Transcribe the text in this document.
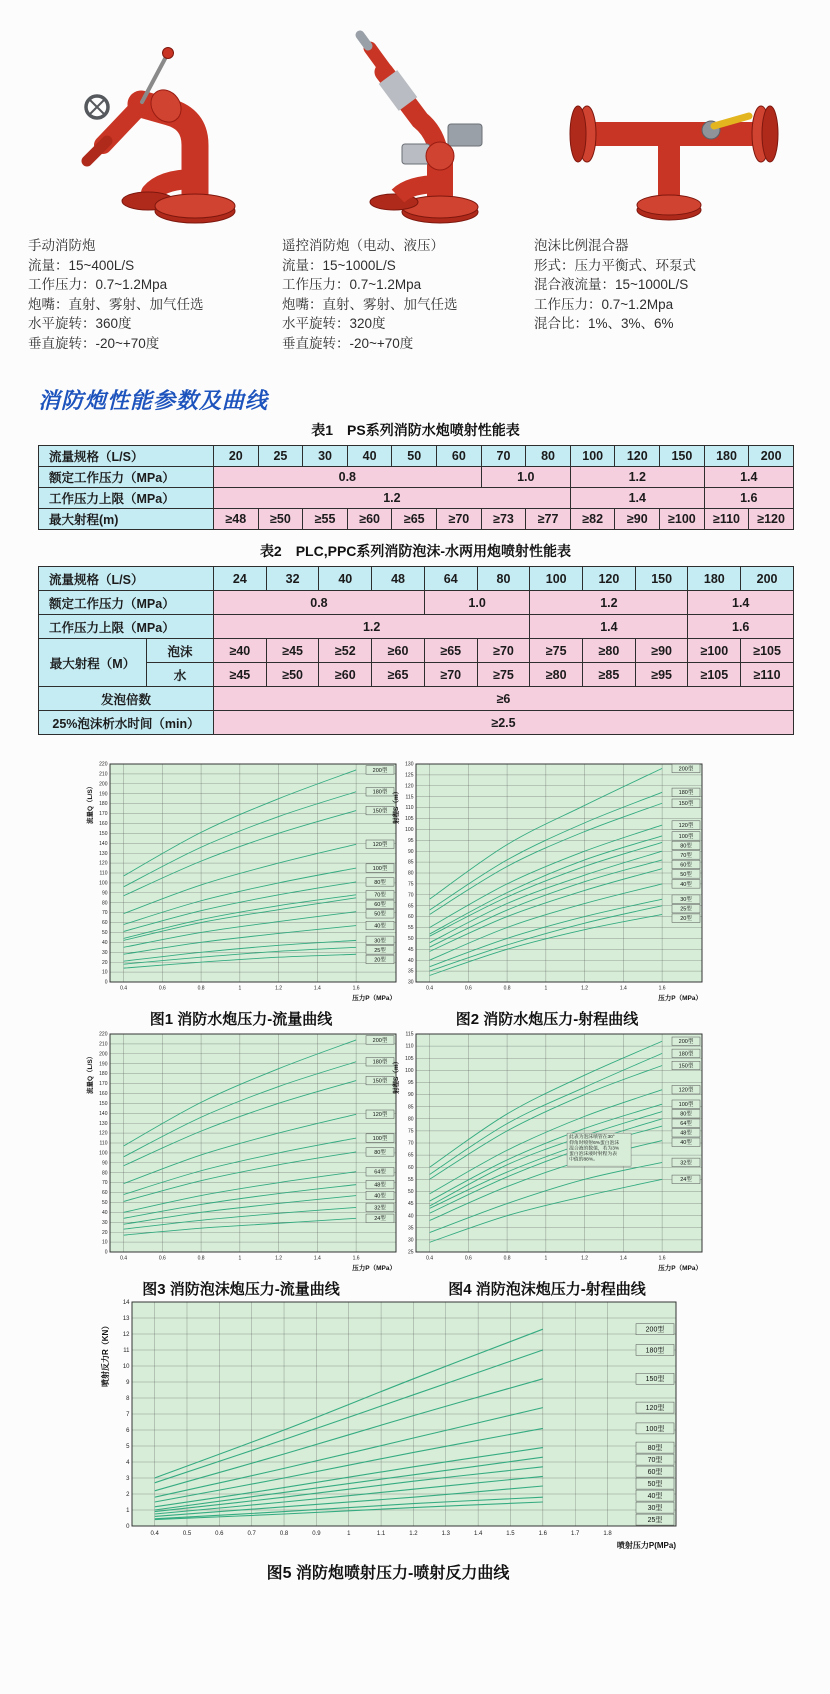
手动消防炮
流量：15~400L/S
工作压力：0.7~1.2Mpa
炮嘴：直射、雾射、加气任选
水平旋转：360度
垂直旋转：-20~+70度
遥控消防炮（电动、液压）
流量：15~1000L/S
工作压力：0.7~1.2Mpa
炮嘴：直射、雾射、加气任选
水平旋转：320度
垂直旋转：-20~+70度
泡沫比例混合器
形式：压力平衡式、环泵式
混合液流量：15~1000L/S
工作压力：0.7~1.2Mpa
混合比：1%、3%、6%
消防炮性能参数及曲线
表1　PS系列消防水炮喷射性能表
流量规格（L/S）	20	25	30	40	50	60	70	80	100	120	150	180	200
额定工作压力（MPa）	0.8						1.0		1.2			1.4	
工作压力上限（MPa）	1.2								1.4			1.6	
最大射程(m)	≥48	≥50	≥55	≥60	≥65	≥70	≥73	≥77	≥82	≥90	≥100	≥110	≥120
表2　PLC,PPC系列消防泡沫-水两用炮喷射性能表
流量规格（L/S）		24	32	40	48	64	80	100	120	150	180	200
额定工作压力（MPa）		0.8				1.0		1.2			1.4	
工作压力上限（MPa）		1.2						1.4			1.6	
最大射程（M）	泡沫	≥40	≥45	≥52	≥60	≥65	≥70	≥75	≥80	≥90	≥100	≥105
	水	≥45	≥50	≥60	≥65	≥70	≥75	≥80	≥85	≥95	≥105	≥110
发泡倍数		≥6										
25%泡沫析水时间（min）		≥2.5										
200型
180型
150型
120型
100型
80型
70型
60型
50型
40型
30型
25型
20型
0
10
20
30
40
50
60
70
80
90
100
110
120
130
140
150
160
170
180
190
200
210
220
0.4	0.6	0.8	1	1.2	1.4	1.6
压力P（MPa）
流量Q（L/S）
图1 消防水炮压力-流量曲线
200型
180型
150型
120型
100型
80型
70型
60型
50型
40型
30型
25型
20型
30
35
40
45
50
55
60
65
70
75
80
85
90
95
100
105
110
115
120
125
130
0.4	0.6	0.8	1	1.2	1.4	1.6
压力P（MPa）
射程S（m）
图2 消防水炮压力-射程曲线
200型
180型
150型
120型
100型
80型
64型
48型
40型
32型
24型
0
10
20
30
40
50
60
70
80
90
100
110
120
130
140
150
160
170
180
190
200
210
220
0.4	0.6	0.8	1	1.2	1.4	1.6
压力P（MPa）
流量Q（L/S）
图3 消防泡沫炮压力-流量曲线
200型
180型
150型
120型
100型
80型
64型
48型
40型
32型
24型
25
30
35
40
45
50
55
60
65
70
75
80
85
90
95
100
105
110
115
0.4	0.6	0.8	1	1.2	1.4	1.6
压力P（MPa）
射程S（m）
此表为泡沫喷管在30°
仰角时喷射6%蛋白泡沫
混合液的数值，若为3%
蛋白泡沫液时射程为表
中值的88%。
图4 消防泡沫炮压力-射程曲线
200型
180型
150型
120型
100型
80型
70型
60型
50型
40型
30型
25型
0
1
2
3
4
5
6
7
8
9
10
11
12
13
14
0.4	0.5	0.6	0.7	0.8	0.9	1	1.1	1.2	1.3	1.4	1.5	1.6	1.7	1.8
喷射压力P(MPa)
喷射反力R（KN）
图5 消防炮喷射压力-喷射反力曲线
